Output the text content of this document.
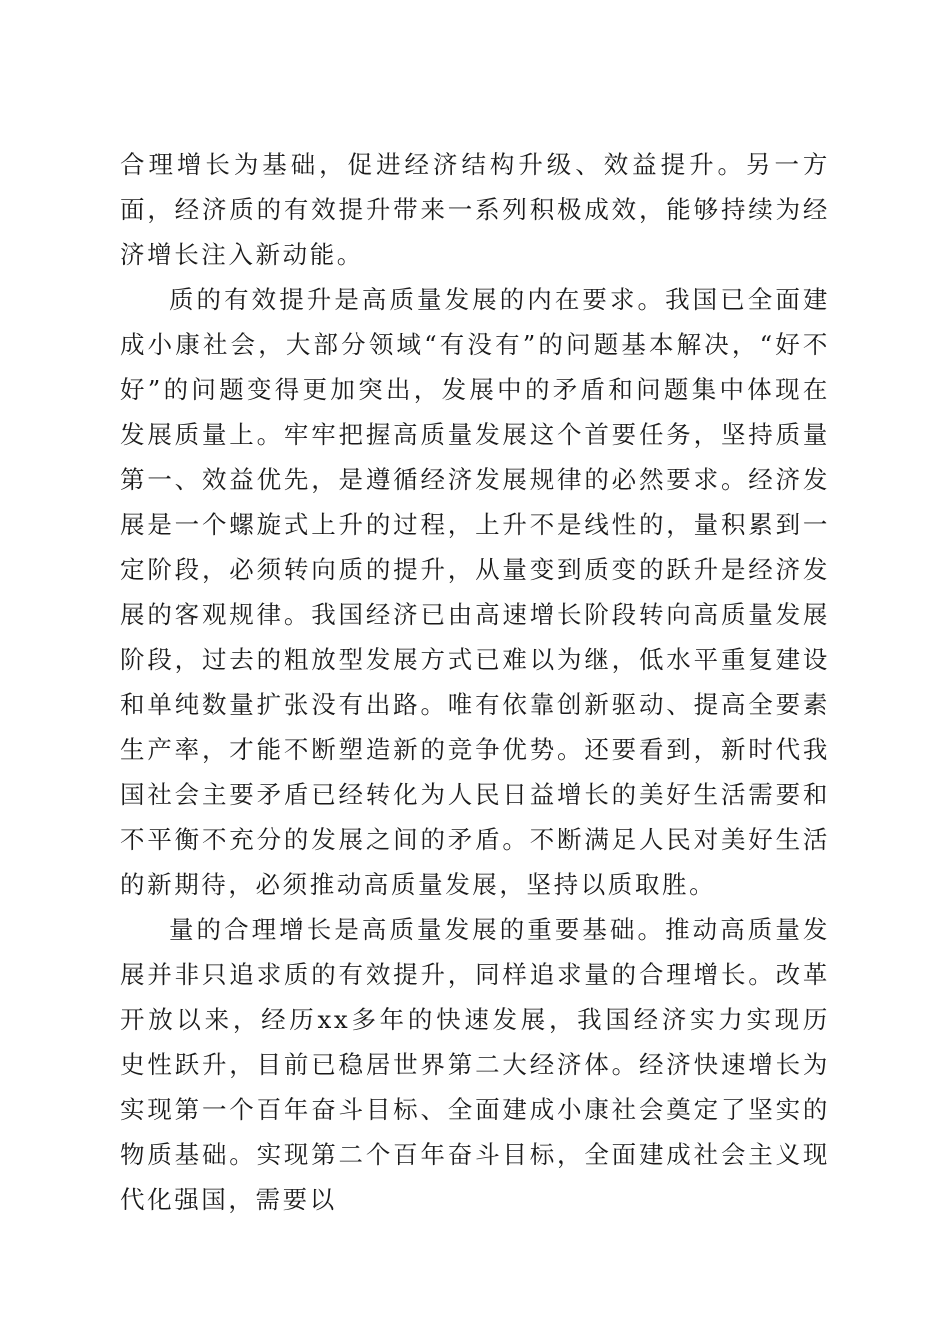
合理增长为基础，促进经济结构升级、效益提升。另一方面，经济质的有效提升带来一系列积极成效，能够持续为经济增长注入新动能。

质的有效提升是高质量发展的内在要求。我国已全面建成小康社会，大部分领域“有没有”的问题基本解决，“好不好”的问题变得更加突出，发展中的矛盾和问题集中体现在发展质量上。牢牢把握高质量发展这个首要任务，坚持质量第一、效益优先，是遵循经济发展规律的必然要求。经济发展是一个螺旋式上升的过程，上升不是线性的，量积累到一定阶段，必须转向质的提升，从量变到质变的跃升是经济发展的客观规律。我国经济已由高速增长阶段转向高质量发展阶段，过去的粗放型发展方式已难以为继，低水平重复建设和单纯数量扩张没有出路。唯有依靠创新驱动、提高全要素生产率，才能不断塑造新的竞争优势。还要看到，新时代我国社会主要矛盾已经转化为人民日益增长的美好生活需要和不平衡不充分的发展之间的矛盾。不断满足人民对美好生活的新期待，必须推动高质量发展，坚持以质取胜。

量的合理增长是高质量发展的重要基础。推动高质量发展并非只追求质的有效提升，同样追求量的合理增长。改革开放以来，经历xx多年的快速发展，我国经济实力实现历史性跃升，目前已稳居世界第二大经济体。经济快速增长为实现第一个百年奋斗目标、全面建成小康社会奠定了坚实的物质基础。实现第二个百年奋斗目标，全面建成社会主义现代化强国，需要以
